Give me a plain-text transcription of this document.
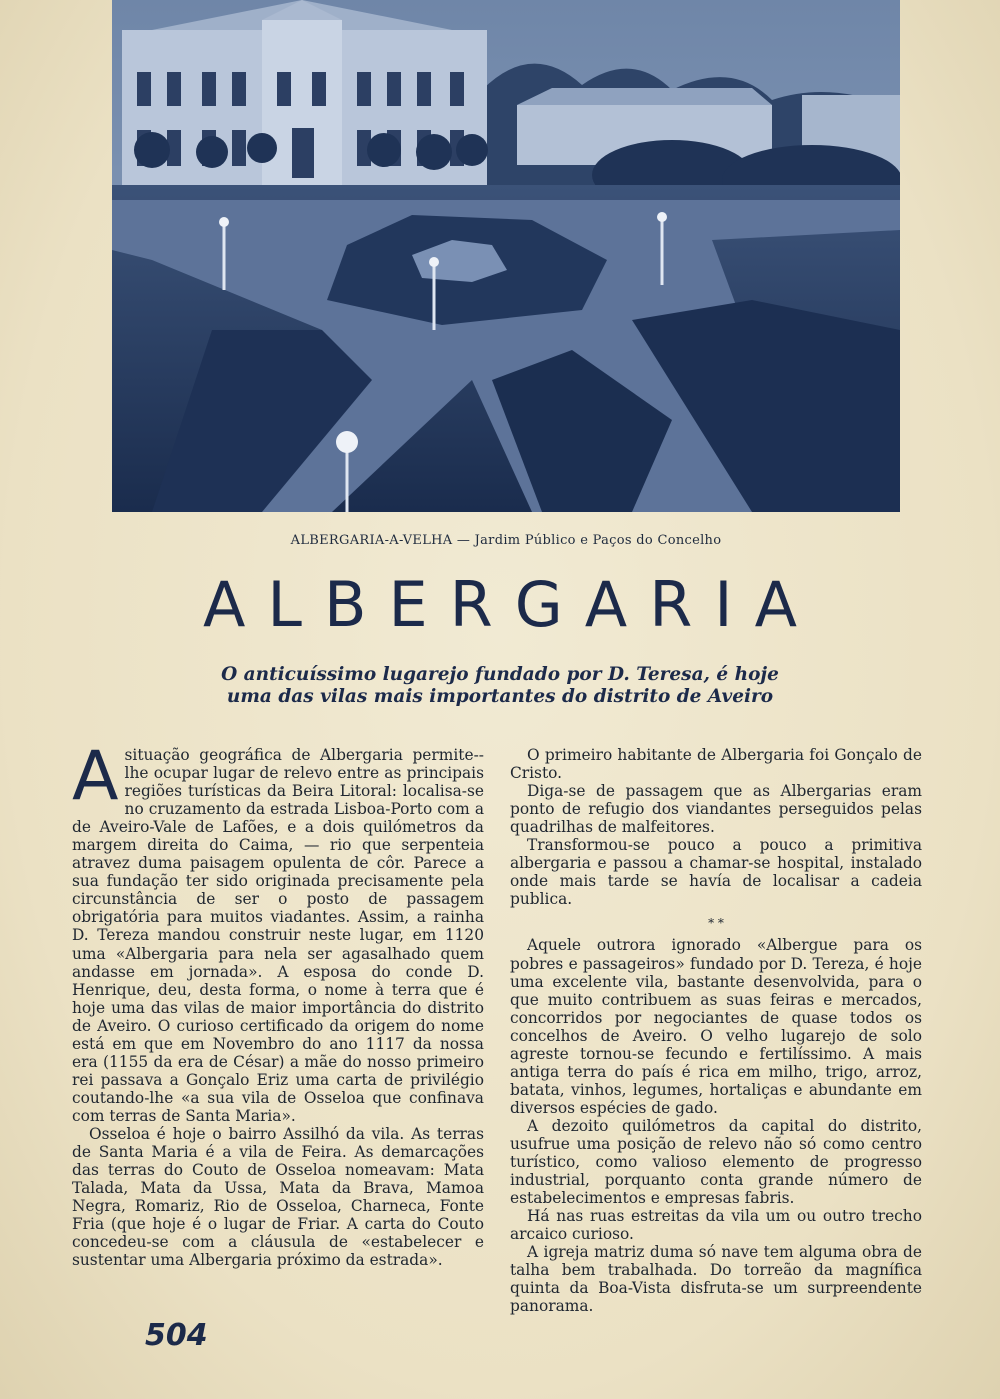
ALBERGARIA-A-VELHA — Jardim Público e Paços do Concelho
ALBERGARIA
O anticuíssimo lugarejo fundado por D. Teresa, é hoje
uma das vilas mais importantes do distrito de Aveiro

Asituação geográfica de Albergaria permite--lhe ocupar lugar de relevo entre as principais regiões turísticas da Beira Litoral: localisa-se no cruzamento da estrada Lisboa-Porto com a de Aveiro-Vale de Lafões, e a dois quilómetros da margem direita do Caima, — rio que serpenteia atravez duma paisagem opulenta de côr. Parece a sua fundação ter sido originada precisamente pela circunstância de ser o posto de passagem obrigatória para muitos viadantes. Assim, a rainha D. Tereza mandou construir neste lugar, em 1120 uma «Albergaria para nela ser agasalhado quem andasse em jornada». A esposa do conde D. Henrique, deu, desta forma, o nome à terra que é hoje uma das vilas de maior importância do distrito de Aveiro. O curioso certificado da origem do nome está em que em Novembro do ano 1117 da nossa era (1155 da era de César) a mãe do nosso primeiro rei passava a Gonçalo Eriz uma carta de privilégio coutando-lhe «a sua vila de Osseloa que confinava com terras de Santa Maria».

Osseloa é hoje o bairro Assilhó da vila. As terras de Santa Maria é a vila de Feira. As demarcações das terras do Couto de Osseloa nomeavam: Mata Talada, Mata da Ussa, Mata da Brava, Mamoa Negra, Romariz, Rio de Osseloa, Charneca, Fonte Fria (que hoje é o lugar de Friar. A carta do Couto concedeu-se com a cláusula de «estabelecer e sustentar uma Albergaria próximo da estrada».

O primeiro habitante de Albergaria foi Gonçalo de Cristo.

Diga-se de passagem que as Albergarias eram ponto de refugio dos viandantes perseguidos pelas quadrilhas de malfeitores.

Transformou-se pouco a pouco a primitiva albergaria e passou a chamar-se hospital, instalado onde mais tarde se havía de localisar a cadeia publica.

* *

Aquele outrora ignorado «Albergue para os pobres e passageiros» fundado por D. Tereza, é hoje uma excelente vila, bastante desenvolvida, para o que muito contribuem as suas feiras e mercados, concorridos por negociantes de quase todos os concelhos de Aveiro. O velho lugarejo de solo agreste tornou-se fecundo e fertilíssimo. A mais antiga terra do país é rica em milho, trigo, arroz, batata, vinhos, legumes, hortaliças e abundante em diversos espécies de gado.

A dezoito quilómetros da capital do distrito, usufrue uma posição de relevo não só como centro turístico, como valioso elemento de progresso industrial, porquanto conta grande número de estabelecimentos e empresas fabris.

Há nas ruas estreitas da vila um ou outro trecho arcaico curioso.

A igreja matriz duma só nave tem alguma obra de talha bem trabalhada. Do torreão da magnífica quinta da Boa-Vista disfruta-se um surpreendente panorama.

504
